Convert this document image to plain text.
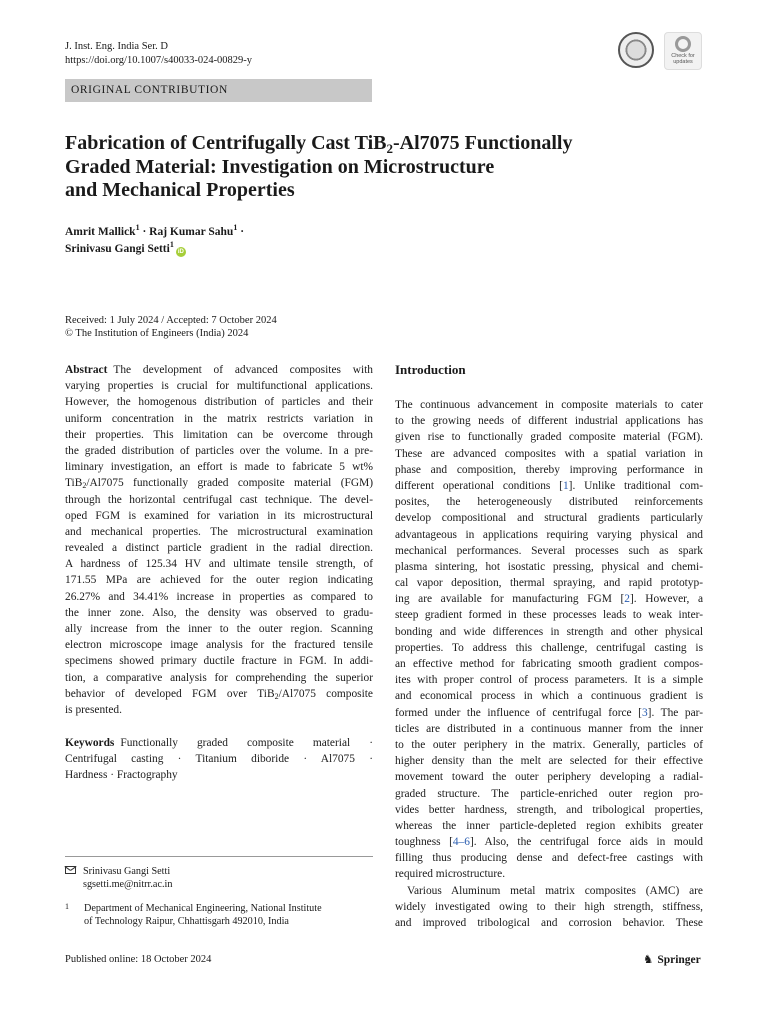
J. Inst. Eng. India Ser. D
https://doi.org/10.1007/s40033-024-00829-y	Check for
updates
ORIGINAL CONTRIBUTION
Fabrication of Centrifugally Cast TiB$_2$-Al7075 Functionally
Graded Material: Investigation on Microstructure
and Mechanical Properties
Amrit Mallick$^1$ · Raj Kumar Sahu$^1$ ·
Srinivasu Gangi Setti$^1$iD
Received: 1 July 2024 / Accepted: 7 October 2024
© The Institution of Engineers (India) 2024
Abstract The development of advanced composites with
varying properties is crucial for multifunctional applications.
However, the homogenous distribution of particles and their
uniform concentration in the matrix restricts variation in
their properties. This limitation can be overcome through
the graded distribution of particles over the volume. In a pre-
liminary investigation, an effort is made to fabricate 5 wt%
TiB$_2$/Al7075 functionally graded composite material (FGM)
through the horizontal centrifugal cast technique. The devel-
oped FGM is examined for variation in its microstructural
and mechanical properties. The microstructural examination
revealed a distinct particle gradient in the radial direction.
A hardness of 125.34 HV and ultimate tensile strength, of
171.55 MPa are achieved for the outer region indicating
26.27% and 34.41% increase in properties as compared to
the inner zone. Also, the density was observed to gradu-
ally increase from the inner to the outer region. Scanning
electron microscope image analysis for the fractured tensile
specimens showed primary ductile fracture in FGM. In addi-
tion, a comparative analysis for comprehending the superior
behavior of developed FGM over TiB$_2$/Al7075 composite
is presented.
Keywords Functionally graded composite material ·
Centrifugal casting · Titanium diboride · Al7075 ·
Hardness · Fractography
Srinivasu Gangi Setti
sgsetti.me@nitrr.ac.in
1 Department of Mechanical Engineering, National Institute
of Technology Raipur, Chhattisgarh 492010, India
Introduction
The continuous advancement in composite materials to cater
to the growing needs of different industrial applications has
given rise to functionally graded composite material (FGM).
These are advanced composites with a spatial variation in
phase and composition, thereby improving performance in
different operational conditions [1]. Unlike traditional com-
posites, the heterogeneously distributed reinforcements
develop compositional and structural gradients particularly
advantageous in applications requiring varying physical and
mechanical performances. Several processes such as spark
plasma sintering, hot isostatic pressing, physical and chemi-
cal vapor deposition, thermal spraying, and rapid prototyp-
ing are available for manufacturing FGM [2]. However, a
steep gradient formed in these processes leads to weak inter-
bonding and wide differences in strength and other physical
properties. To address this challenge, centrifugal casting is
an effective method for fabricating smooth gradient compos-
ites with proper control of process parameters. It is a simple
and economical process in which a continuous gradient is
formed under the influence of centrifugal force [3]. The par-
ticles are distributed in a continuous manner from the inner
to the outer periphery in the matrix. Generally, particles of
higher density than the melt are selected for their effective
movement toward the outer periphery developing a radial-
graded structure. The particle-enriched outer region pro-
vides better hardness, strength, and tribological properties,
whereas the inner particle-depleted region exhibits greater
toughness [4–6]. Also, the centrifugal force aids in mould
filling thus producing dense and defect-free castings with
required microstructure.
Various Aluminum metal matrix composites (AMC) are
widely investigated owing to their high strength, stiffness,
and improved tribological and corrosion behavior. These
Published online: 18 October 2024	♞ Springer
